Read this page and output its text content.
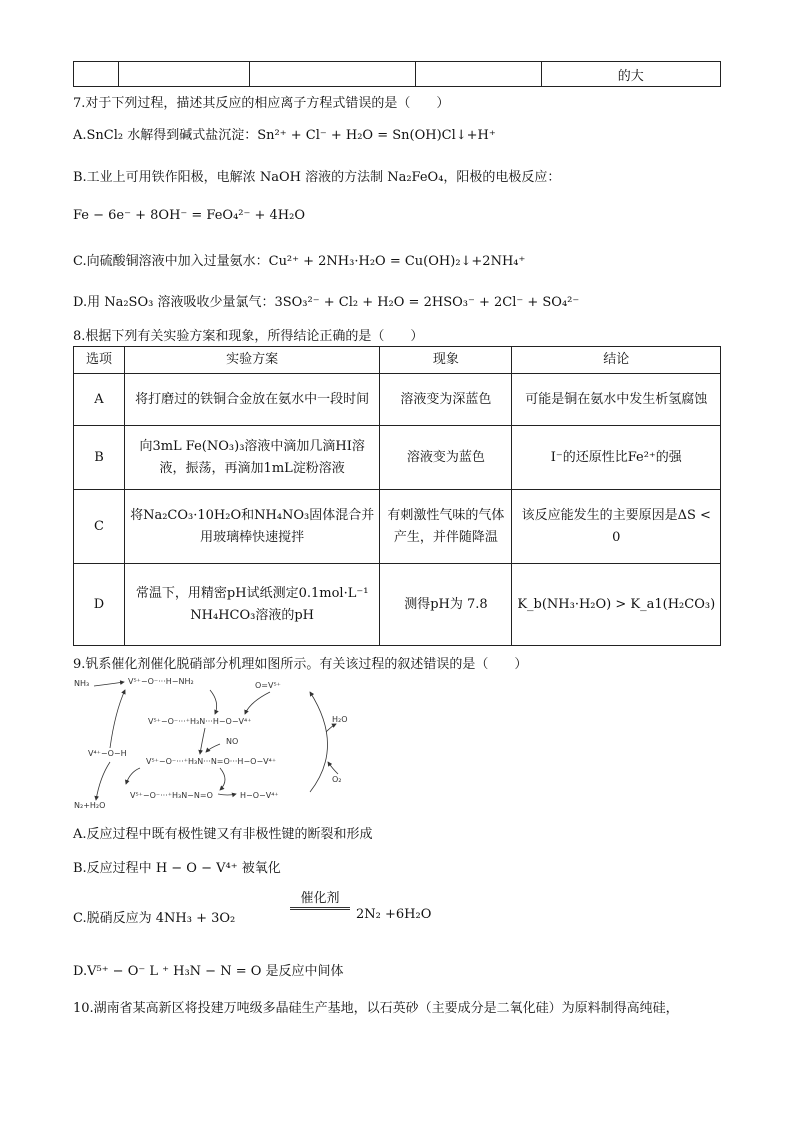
				的大
7.对于下列过程，描述其反应的相应离子方程式错误的是（　　）
A.SnCl₂ 水解得到碱式盐沉淀：Sn²⁺ + Cl⁻ + H₂O = Sn(OH)Cl↓+H⁺
B.工业上可用铁作阳极，电解浓 NaOH 溶液的方法制 Na₂FeO₄，阳极的电极反应：
Fe − 6e⁻ + 8OH⁻ = FeO₄²⁻ + 4H₂O
C.向硫酸铜溶液中加入过量氨水：Cu²⁺ + 2NH₃·H₂O = Cu(OH)₂↓+2NH₄⁺
D.用 Na₂SO₃ 溶液吸收少量氯气：3SO₃²⁻ + Cl₂ + H₂O = 2HSO₃⁻ + 2Cl⁻ + SO₄²⁻
8.根据下列有关实验方案和现象，所得结论正确的是（　　）
选项	实验方案	现象	结论
A	将打磨过的铁铜合金放在氨水中一段时间	溶液变为深蓝色	可能是铜在氨水中发生析氢腐蚀
B	向3mL Fe(NO₃)₃溶液中滴加几滴HI溶液，振荡，再滴加1mL淀粉溶液	溶液变为蓝色	I⁻的还原性比Fe²⁺的强
C	将Na₂CO₃·10H₂O和NH₄NO₃固体混合并用玻璃棒快速搅拌	有刺激性气味的气体产生，并伴随降温	该反应能发生的主要原因是ΔS < 0
D	常温下，用精密pH试纸测定0.1mol·L⁻¹ NH₄HCO₃溶液的pH	测得pH为 7.8	K_b(NH₃·H₂O) > K_a1(H₂CO₃)
9.钒系催化剂催化脱硝部分机理如图所示。有关该过程的叙述错误的是（　　）
NH₃	V⁵⁺−O⁻···H−NH₂	O=V⁵⁺
V⁵⁺−O⁻···⁺H₃N···H−O−V⁴⁺	H₂O
NO
V⁴⁺−O−H
V⁵⁺−O⁻···⁺H₃N···N=O···H−O−V⁴⁺
O₂
V⁵⁺−O⁻···⁺H₃N−N=O	H−O−V⁴⁺
N₂+H₂O
A.反应过程中既有极性键又有非极性键的断裂和形成
B.反应过程中 H − O − V⁴⁺ 被氧化
C.脱硝反应为 4NH₃ + 3O₂
催化剂
2N₂ +6H₂O
D.V⁵⁺ − O⁻ L ⁺ H₃N − N = O 是反应中间体
10.湖南省某高新区将投建万吨级多晶硅生产基地，以石英砂（主要成分是二氧化硅）为原料制得高纯硅，
